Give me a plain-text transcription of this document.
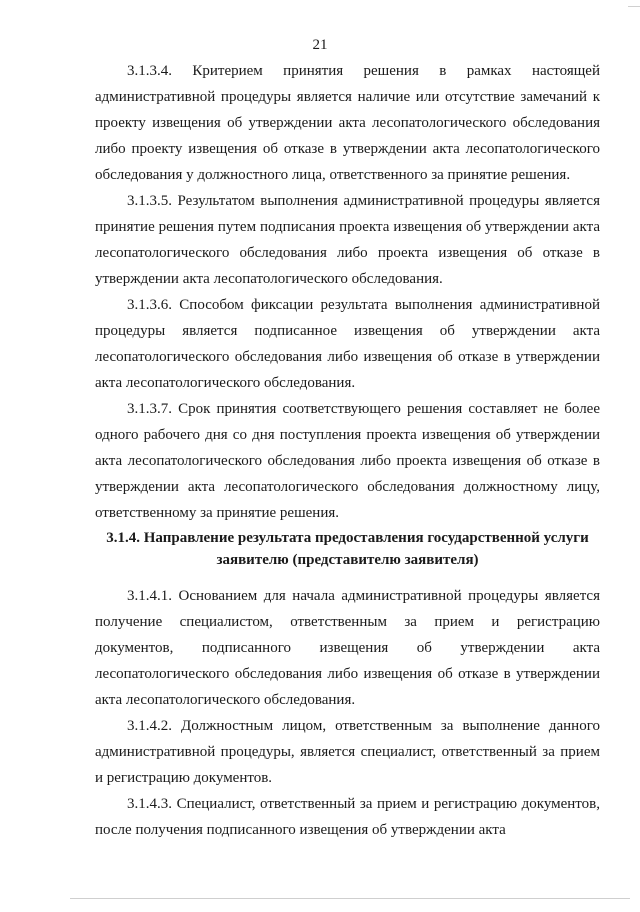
21

3.1.3.4. Критерием принятия решения в рамках настоящей административной процедуры является наличие или отсутствие замечаний к проекту извещения об утверждении акта лесопатологического обследования либо проекту извещения об отказе в утверждении акта лесопатологического обследования у должностного лица, ответственного за принятие решения.

3.1.3.5. Результатом выполнения административной процедуры является принятие решения путем подписания проекта извещения об утверждении акта лесопатологического обследования либо проекта извещения об отказе в утверждении акта лесопатологического обследования.

3.1.3.6. Способом фиксации результата выполнения административной процедуры является подписанное извещения об утверждении акта лесопатологического обследования либо извещения об отказе в утверждении акта лесопатологического обследования.

3.1.3.7. Срок принятия соответствующего решения составляет не более одного рабочего дня со дня поступления проекта извещения об утверждении акта лесопатологического обследования либо проекта извещения об отказе в утверждении акта лесопатологического обследования должностному лицу, ответственному за принятие решения.

3.1.4. Направление результата предоставления государственной услуги заявителю (представителю заявителя)

3.1.4.1. Основанием для начала административной процедуры является получение специалистом, ответственным за прием и регистрацию документов, подписанного извещения об утверждении акта лесопатологического обследования либо извещения об отказе в утверждении акта лесопатологического обследования.

3.1.4.2. Должностным лицом, ответственным за выполнение данного административной процедуры, является специалист, ответственный за прием и регистрацию документов.

3.1.4.3. Специалист, ответственный за прием и регистрацию документов, после получения подписанного извещения об утверждении акта
